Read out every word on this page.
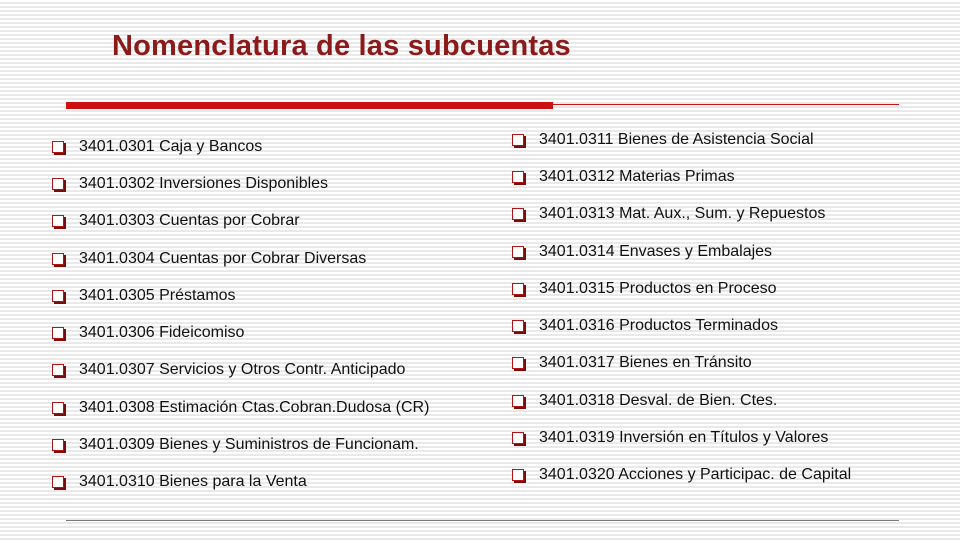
Nomenclatura de las subcuentas
3401.0301 Caja y Bancos
3401.0302 Inversiones Disponibles
3401.0303 Cuentas por Cobrar
3401.0304 Cuentas por Cobrar Diversas
3401.0305 Préstamos
3401.0306 Fideicomiso
3401.0307 Servicios y Otros Contr. Anticipado
3401.0308 Estimación Ctas.Cobran.Dudosa (CR)
3401.0309 Bienes y Suministros de Funcionam.
3401.0310 Bienes para la Venta
3401.0311 Bienes de Asistencia Social
3401.0312 Materias Primas
3401.0313 Mat. Aux., Sum. y Repuestos
3401.0314 Envases y Embalajes
3401.0315 Productos en Proceso
3401.0316 Productos Terminados
3401.0317 Bienes en Tránsito
3401.0318 Desval. de Bien. Ctes.
3401.0319 Inversión en Títulos y Valores
3401.0320 Acciones y Participac. de Capital
